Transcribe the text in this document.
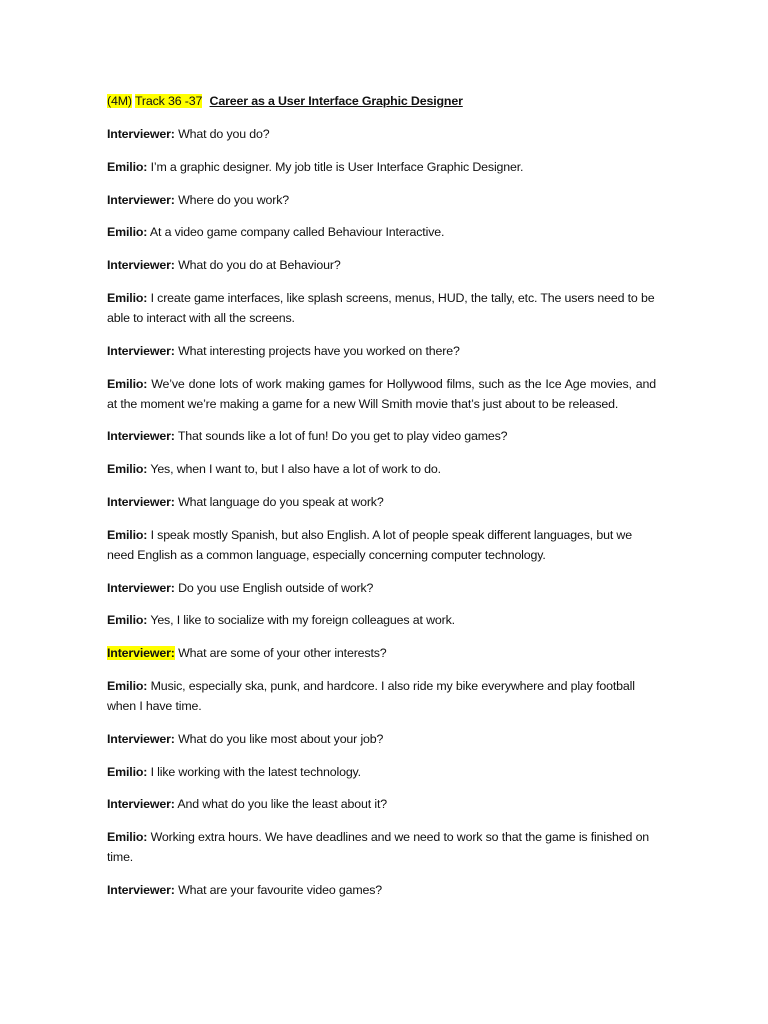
(4M) Track 36 -37 Career as a User Interface Graphic Designer
Interviewer: What do you do?
Emilio: I’m a graphic designer. My job title is User Interface Graphic Designer.
Interviewer: Where do you work?
Emilio: At a video game company called Behaviour Interactive.
Interviewer: What do you do at Behaviour?
Emilio: I create game interfaces, like splash screens, menus, HUD, the tally, etc. The users need to be able to interact with all the screens.
Interviewer: What interesting projects have you worked on there?
Emilio: We’ve done lots of work making games for Hollywood films, such as the Ice Age movies, and at the moment we’re making a game for a new Will Smith movie that’s just about to be released.
Interviewer: That sounds like a lot of fun! Do you get to play video games?
Emilio: Yes, when I want to, but I also have a lot of work to do.
Interviewer: What language do you speak at work?
Emilio: I speak mostly Spanish, but also English. A lot of people speak different languages, but we need English as a common language, especially concerning computer technology.
Interviewer: Do you use English outside of work?
Emilio: Yes, I like to socialize with my foreign colleagues at work.
Interviewer: What are some of your other interests?
Emilio: Music, especially ska, punk, and hardcore. I also ride my bike everywhere and play football when I have time.
Interviewer: What do you like most about your job?
Emilio: I like working with the latest technology.
Interviewer: And what do you like the least about it?
Emilio: Working extra hours. We have deadlines and we need to work so that the game is finished on time.
Interviewer: What are your favourite video games?
